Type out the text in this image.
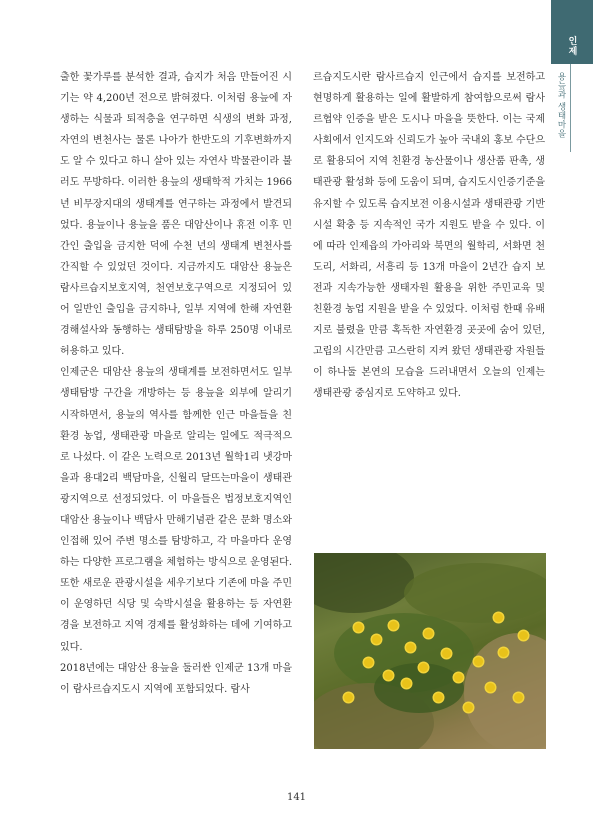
인제
용늪과 생태마을

출한 꽃가루를 분석한 결과, 습지가 처음 만들어진 시기는 약 4,200년 전으로 밝혀졌다. 이처럼 용늪에 자생하는 식물과 퇴적층을 연구하면 식생의 변화 과정, 자연의 변천사는 물론 나아가 한반도의 기후변화까지도 알 수 있다고 하니 살아 있는 자연사 박물관이라 불러도 무방하다. 이러한 용늪의 생태학적 가치는 1966년 비무장지대의 생태계를 연구하는 과정에서 발견되었다. 용늪이나 용늪을 품은 대암산이나 휴전 이후 민간인 출입을 금지한 덕에 수천 년의 생태계 변천사를 간직할 수 있었던 것이다. 지금까지도 대암산 용늪은 람사르습지보호지역, 천연보호구역으로 지정되어 있어 일반인 출입을 금지하나, 일부 지역에 한해 자연환경해설사와 동행하는 생태탐방을 하루 250명 이내로 허용하고 있다.

인제군은 대암산 용늪의 생태계를 보전하면서도 일부 생태탐방 구간을 개방하는 등 용늪을 외부에 알리기 시작하면서, 용늪의 역사를 함께한 인근 마을들을 친환경 농업, 생태관광 마을로 알리는 일에도 적극적으로 나섰다. 이 같은 노력으로 2013년 월학1리 냇강마을과 용대2리 백담마을, 신월리 달뜨는마을이 생태관광지역으로 선정되었다. 이 마을들은 법정보호지역인 대암산 용늪이나 백담사 만해기념관 같은 문화 명소와 인접해 있어 주변 명소를 탐방하고, 각 마을마다 운영하는 다양한 프로그램을 체험하는 방식으로 운영된다. 또한 새로운 관광시설을 세우기보다 기존에 마을 주민이 운영하던 식당 및 숙박시설을 활용하는 등 자연환경을 보전하고 지역 경제를 활성화하는 데에 기여하고 있다.

2018년에는 대암산 용늪을 둘러싼 인제군 13개 마을이 람사르습지도시 지역에 포함되었다. 람사

르습지도시란 람사르습지 인근에서 습지를 보전하고 현명하게 활용하는 일에 활발하게 참여함으로써 람사르협약 인증을 받은 도시나 마을을 뜻한다. 이는 국제사회에서 인지도와 신뢰도가 높아 국내외 홍보 수단으로 활용되어 지역 친환경 농산물이나 생산품 판촉, 생태관광 활성화 등에 도움이 되며, 습지도시인증기준을 유지할 수 있도록 습지보전 이용시설과 생태관광 기반시설 확충 등 지속적인 국가 지원도 받을 수 있다. 이에 따라 인제읍의 가아리와 북면의 월학리, 서화면 천도리, 서화리, 서흥리 등 13개 마을이 2년간 습지 보전과 지속가능한 생태자원 활용을 위한 주민교육 및 친환경 농업 지원을 받을 수 있었다. 이처럼 한때 유배지로 불렸을 만큼 혹독한 자연환경 곳곳에 숨어 있던, 고립의 시간만큼 고스란히 지켜 왔던 생태관광 자원들이 하나둘 본연의 모습을 드러내면서 오늘의 인제는 생태관광 중심지로 도약하고 있다.

141
